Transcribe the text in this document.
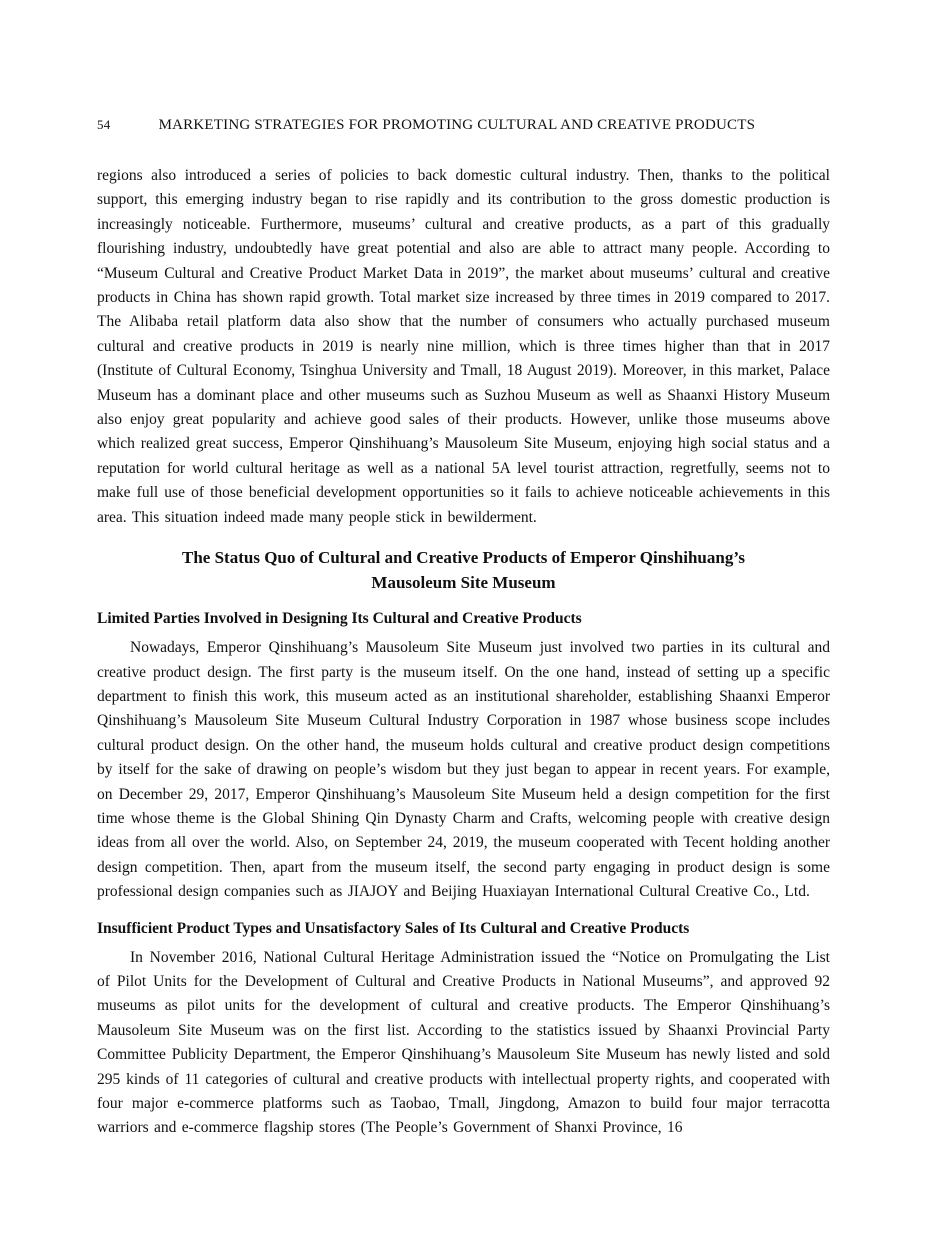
54	MARKETING STRATEGIES FOR PROMOTING CULTURAL AND CREATIVE PRODUCTS

regions also introduced a series of policies to back domestic cultural industry. Then, thanks to the political support, this emerging industry began to rise rapidly and its contribution to the gross domestic production is increasingly noticeable. Furthermore, museums’ cultural and creative products, as a part of this gradually flourishing industry, undoubtedly have great potential and also are able to attract many people. According to “Museum Cultural and Creative Product Market Data in 2019”, the market about museums’ cultural and creative products in China has shown rapid growth. Total market size increased by three times in 2019 compared to 2017. The Alibaba retail platform data also show that the number of consumers who actually purchased museum cultural and creative products in 2019 is nearly nine million, which is three times higher than that in 2017 (Institute of Cultural Economy, Tsinghua University and Tmall, 18 August 2019). Moreover, in this market, Palace Museum has a dominant place and other museums such as Suzhou Museum as well as Shaanxi History Museum also enjoy great popularity and achieve good sales of their products. However, unlike those museums above which realized great success, Emperor Qinshihuang’s Mausoleum Site Museum, enjoying high social status and a reputation for world cultural heritage as well as a national 5A level tourist attraction, regretfully, seems not to make full use of those beneficial development opportunities so it fails to achieve noticeable achievements in this area. This situation indeed made many people stick in bewilderment.

The Status Quo of Cultural and Creative Products of Emperor Qinshihuang’s
Mausoleum Site Museum
Limited Parties Involved in Designing Its Cultural and Creative Products

Nowadays, Emperor Qinshihuang’s Mausoleum Site Museum just involved two parties in its cultural and creative product design. The first party is the museum itself. On the one hand, instead of setting up a specific department to finish this work, this museum acted as an institutional shareholder, establishing Shaanxi Emperor Qinshihuang’s Mausoleum Site Museum Cultural Industry Corporation in 1987 whose business scope includes cultural product design. On the other hand, the museum holds cultural and creative product design competitions by itself for the sake of drawing on people’s wisdom but they just began to appear in recent years. For example, on December 29, 2017, Emperor Qinshihuang’s Mausoleum Site Museum held a design competition for the first time whose theme is the Global Shining Qin Dynasty Charm and Crafts, welcoming people with creative design ideas from all over the world. Also, on September 24, 2019, the museum cooperated with Tecent holding another design competition. Then, apart from the museum itself, the second party engaging in product design is some professional design companies such as JIAJOY and Beijing Huaxiayan International Cultural Creative Co., Ltd.

Insufficient Product Types and Unsatisfactory Sales of Its Cultural and Creative Products

In November 2016, National Cultural Heritage Administration issued the “Notice on Promulgating the List of Pilot Units for the Development of Cultural and Creative Products in National Museums”, and approved 92 museums as pilot units for the development of cultural and creative products. The Emperor Qinshihuang’s Mausoleum Site Museum was on the first list. According to the statistics issued by Shaanxi Provincial Party Committee Publicity Department, the Emperor Qinshihuang’s Mausoleum Site Museum has newly listed and sold 295 kinds of 11 categories of cultural and creative products with intellectual property rights, and cooperated with four major e-commerce platforms such as Taobao, Tmall, Jingdong, Amazon to build four major terracotta warriors and e-commerce flagship stores (The People’s Government of Shanxi Province, 16
